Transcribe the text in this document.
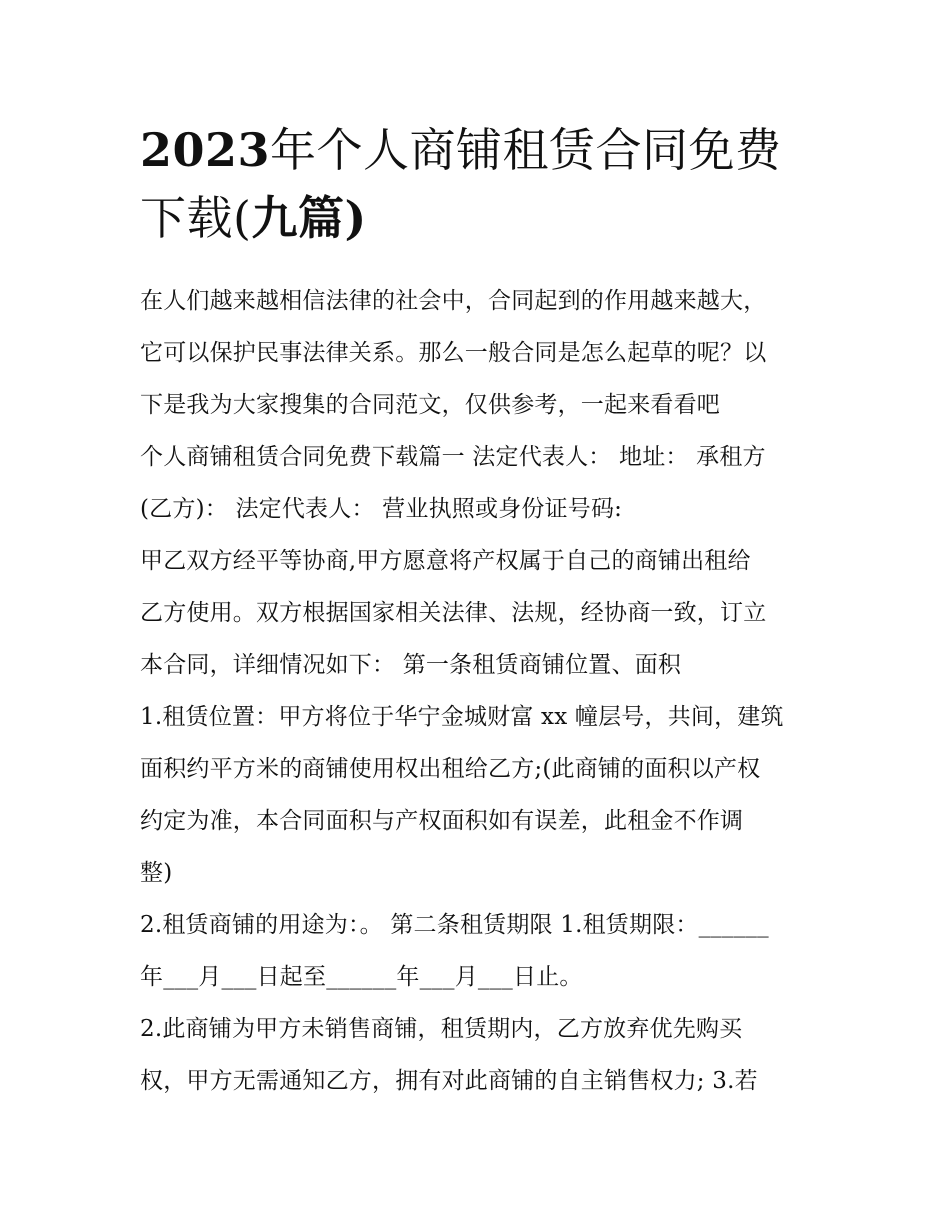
2023年个人商铺租赁合同免费
下载(九篇)
在人们越来越相信法律的社会中，合同起到的作用越来越大，
它可以保护民事法律关系。那么一般合同是怎么起草的呢？以
下是我为大家搜集的合同范文，仅供参考，一起来看看吧
个人商铺租赁合同免费下载篇一 法定代表人： 地址： 承租方
(乙方)： 法定代表人： 营业执照或身份证号码:
甲乙双方经平等协商,甲方愿意将产权属于自己的商铺出租给
乙方使用。双方根据国家相关法律、法规，经协商一致，订立
本合同，详细情况如下： 第一条租赁商铺位置、面积
1.租赁位置：甲方将位于华宁金城财富 xx 幢层号，共间，建筑
面积约平方米的商铺使用权出租给乙方;(此商铺的面积以产权
约定为准，本合同面积与产权面积如有误差，此租金不作调
整)
2.租赁商铺的用途为：。 第二条租赁期限 1.租赁期限：______
年___月___日起至______年___月___日止。
2.此商铺为甲方未销售商铺，租赁期内，乙方放弃优先购买
权，甲方无需通知乙方，拥有对此商铺的自主销售权力; 3.若
